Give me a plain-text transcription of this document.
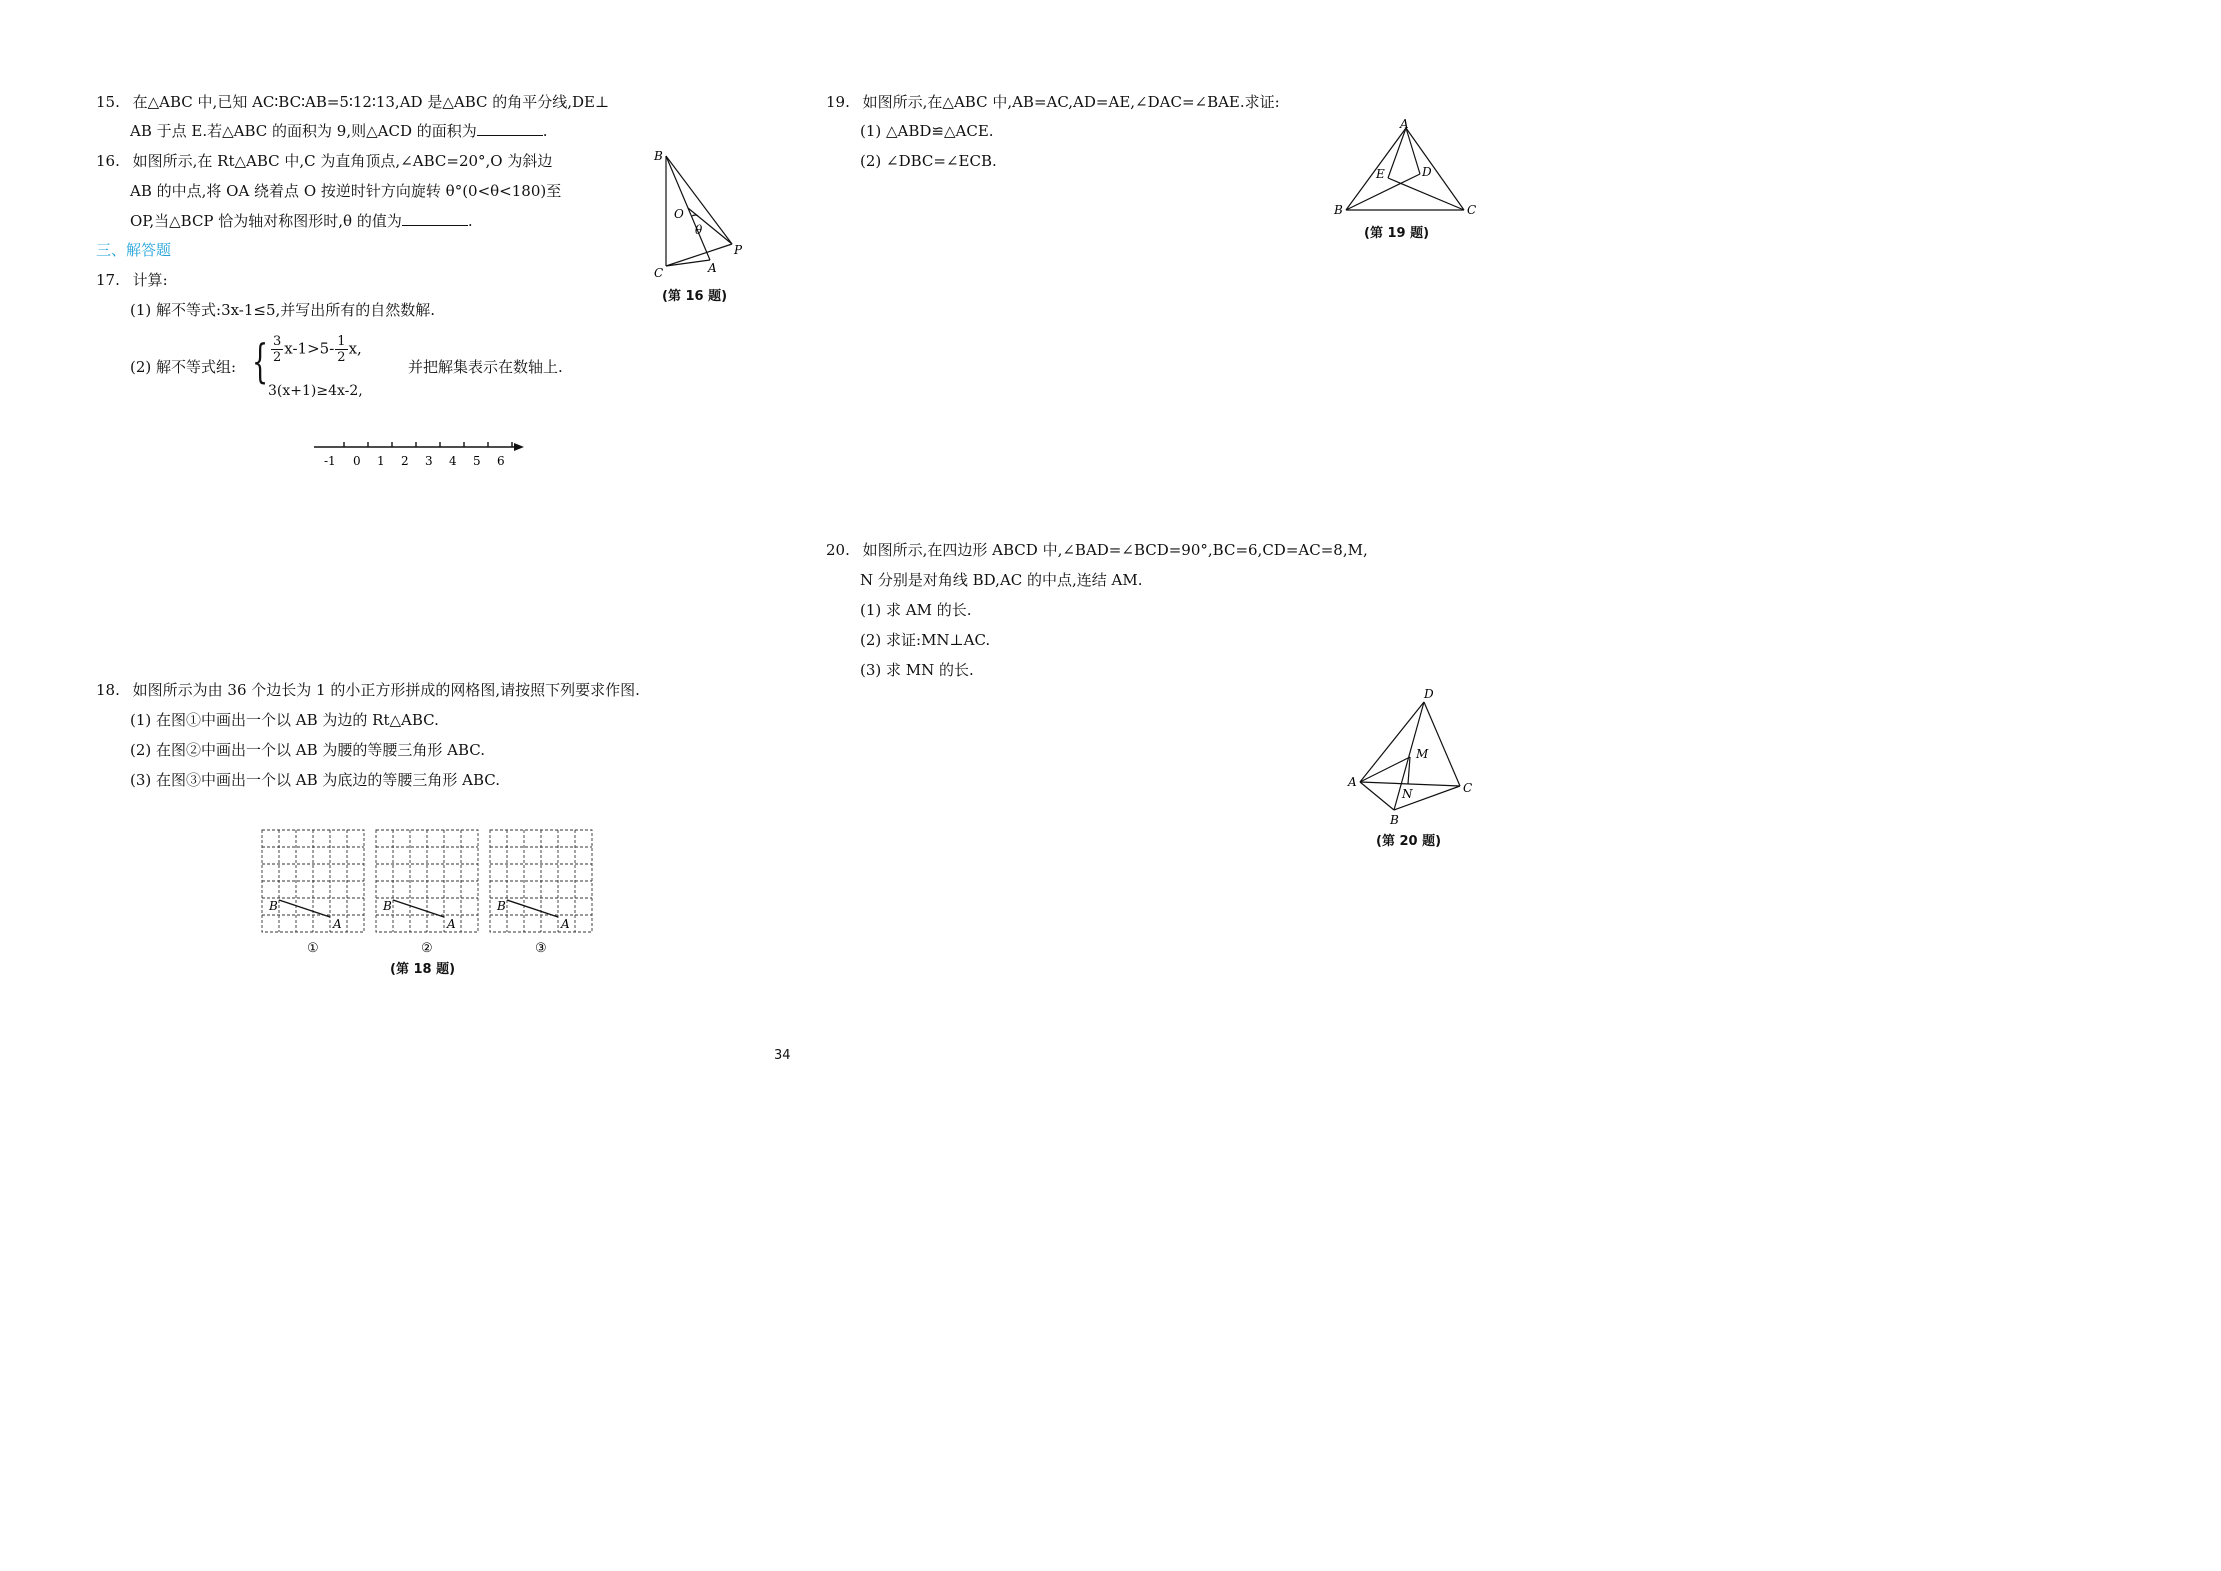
15. 在△ABC 中,已知 AC∶BC∶AB=5∶12∶13,AD 是△ABC 的角平分线,DE⊥
AB 于点 E.若△ABC 的面积为 9,则△ACD 的面积为	.
16. 如图所示,在 Rt△ABC 中,C 为直角顶点,∠ABC=20°,O 为斜边
AB 的中点,将 OA 绕着点 O 按逆时针方向旋转 θ°(0<θ<180)至
OP,当△BCP 恰为轴对称图形时,θ 的值为	.
B
O
θ
P
C	A
(第 16 题)
三、解答题
17. 计算:
(1) 解不等式:3x-1≤5,并写出所有的自然数解.
(2) 解不等式组: { $\frac{3}{2} x-1>5- \frac{1}{2} x$,
3(x+1)≥4x-2,
并把解集表示在数轴上.
-1 0 1 2 3 4 5 6
18. 如图所示为由 36 个边长为 1 的小正方形拼成的网格图,请按照下列要求作图.
(1) 在图①中画出一个以 AB 为边的 Rt△ABC.
(2) 在图②中画出一个以 AB 为腰的等腰三角形 ABC.
(3) 在图③中画出一个以 AB 为底边的等腰三角形 ABC.
B
A
B
A
B
A
①	②	③
(第 18 题)
19. 如图所示,在△ABC 中,AB=AC,AD=AE,∠DAC=∠BAE.求证:
(1) △ABD≌△ACE.
(2) ∠DBC=∠ECB.
A
E	D
B	C
(第 19 题)
20. 如图所示,在四边形 ABCD 中,∠BAD=∠BCD=90°,BC=6,CD=AC=8,M,
N 分别是对角线 BD,AC 的中点,连结 AM.
(1) 求 AM 的长.
(2) 求证:MN⊥AC.
(3) 求 MN 的长.
D
M
A
N	C
B
(第 20 题)
34
